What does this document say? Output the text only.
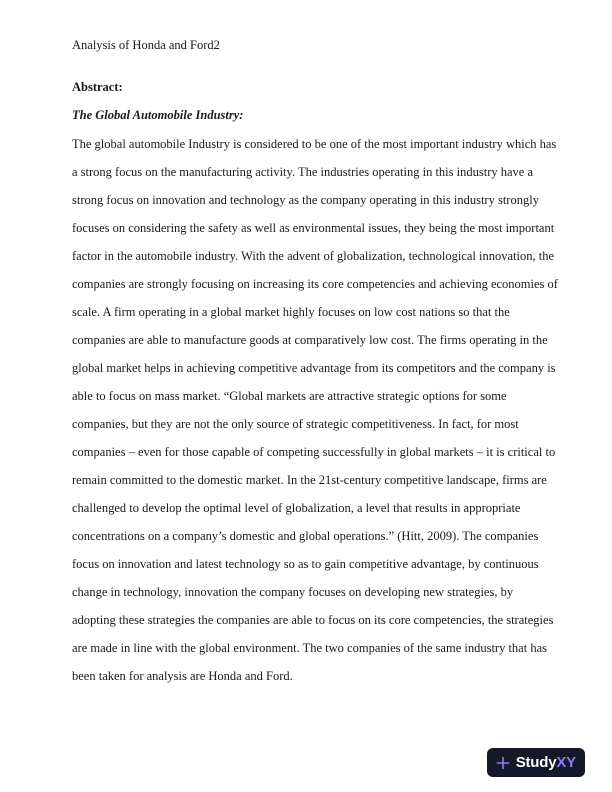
Analysis of Honda and Ford2
Abstract:
The Global Automobile Industry:
The global automobile Industry is considered to be one of the most important industry which has
a strong focus on the manufacturing activity. The industries operating in this industry have a
strong focus on innovation and technology as the company operating in this industry strongly
focuses on considering the safety as well as environmental issues, they being the most important
factor in the automobile industry. With the advent of globalization, technological innovation, the
companies are strongly focusing on increasing its core competencies and achieving economies of
scale. A firm operating in a global market highly focuses on low cost nations so that the
companies are able to manufacture goods at comparatively low cost. The firms operating in the
global market helps in achieving competitive advantage from its competitors and the company is
able to focus on mass market. “Global markets are attractive strategic options for some
companies, but they are not the only source of strategic competitiveness. In fact, for most
companies – even for those capable of competing successfully in global markets – it is critical to
remain committed to the domestic market. In the 21st-century competitive landscape, firms are
challenged to develop the optimal level of globalization, a level that results in appropriate
concentrations on a company’s domestic and global operations.” (Hitt, 2009). The companies
focus on innovation and latest technology so as to gain competitive advantage, by continuous
change in technology, innovation the company focuses on developing new strategies, by
adopting these strategies the companies are able to focus on its core competencies, the strategies
are made in line with the global environment. The two companies of the same industry that has
been taken for analysis are Honda and Ford.
Study XY
